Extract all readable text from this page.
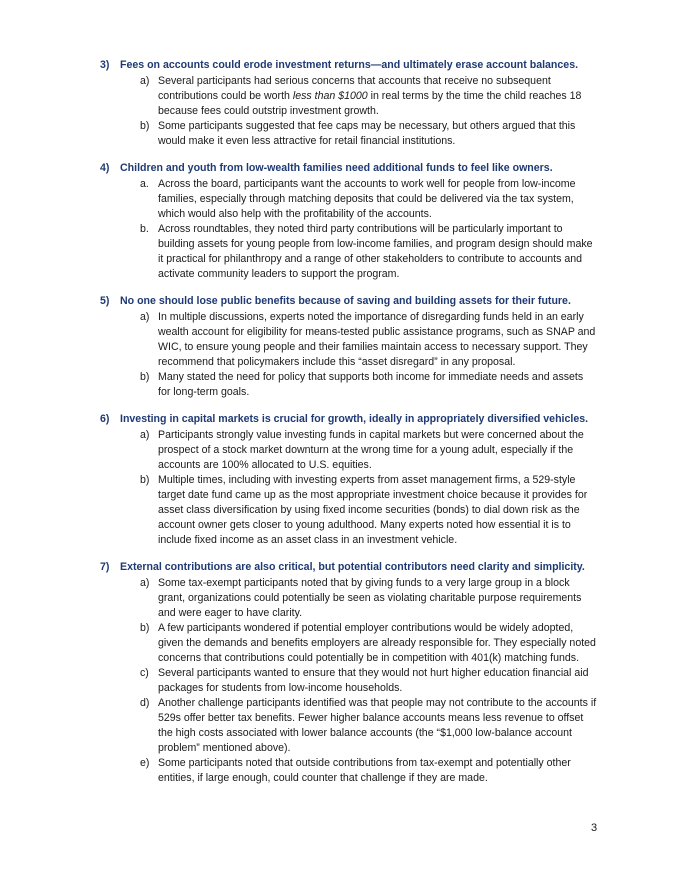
3) Fees on accounts could erode investment returns—and ultimately erase account balances.
a) Several participants had serious concerns that accounts that receive no subsequent contributions could be worth less than $1000 in real terms by the time the child reaches 18 because fees could outstrip investment growth.
b) Some participants suggested that fee caps may be necessary, but others argued that this would make it even less attractive for retail financial institutions.
4) Children and youth from low-wealth families need additional funds to feel like owners.
a. Across the board, participants want the accounts to work well for people from low-income families, especially through matching deposits that could be delivered via the tax system, which would also help with the profitability of the accounts.
b. Across roundtables, they noted third party contributions will be particularly important to building assets for young people from low-income families, and program design should make it practical for philanthropy and a range of other stakeholders to contribute to accounts and activate community leaders to support the program.
5) No one should lose public benefits because of saving and building assets for their future.
a) In multiple discussions, experts noted the importance of disregarding funds held in an early wealth account for eligibility for means-tested public assistance programs, such as SNAP and WIC, to ensure young people and their families maintain access to necessary support. They recommend that policymakers include this “asset disregard” in any proposal.
b) Many stated the need for policy that supports both income for immediate needs and assets for long-term goals.
6) Investing in capital markets is crucial for growth, ideally in appropriately diversified vehicles.
a) Participants strongly value investing funds in capital markets but were concerned about the prospect of a stock market downturn at the wrong time for a young adult, especially if the accounts are 100% allocated to U.S. equities.
b) Multiple times, including with investing experts from asset management firms, a 529-style target date fund came up as the most appropriate investment choice because it provides for asset class diversification by using fixed income securities (bonds) to dial down risk as the account owner gets closer to young adulthood. Many experts noted how essential it is to include fixed income as an asset class in an investment vehicle.
7) External contributions are also critical, but potential contributors need clarity and simplicity.
a) Some tax-exempt participants noted that by giving funds to a very large group in a block grant, organizations could potentially be seen as violating charitable purpose requirements and were eager to have clarity.
b) A few participants wondered if potential employer contributions would be widely adopted, given the demands and benefits employers are already responsible for. They especially noted concerns that contributions could potentially be in competition with 401(k) matching funds.
c) Several participants wanted to ensure that they would not hurt higher education financial aid packages for students from low-income households.
d) Another challenge participants identified was that people may not contribute to the accounts if 529s offer better tax benefits. Fewer higher balance accounts means less revenue to offset the high costs associated with lower balance accounts (the “$1,000 low-balance account problem” mentioned above).
e) Some participants noted that outside contributions from tax-exempt and potentially other entities, if large enough, could counter that challenge if they are made.
3
